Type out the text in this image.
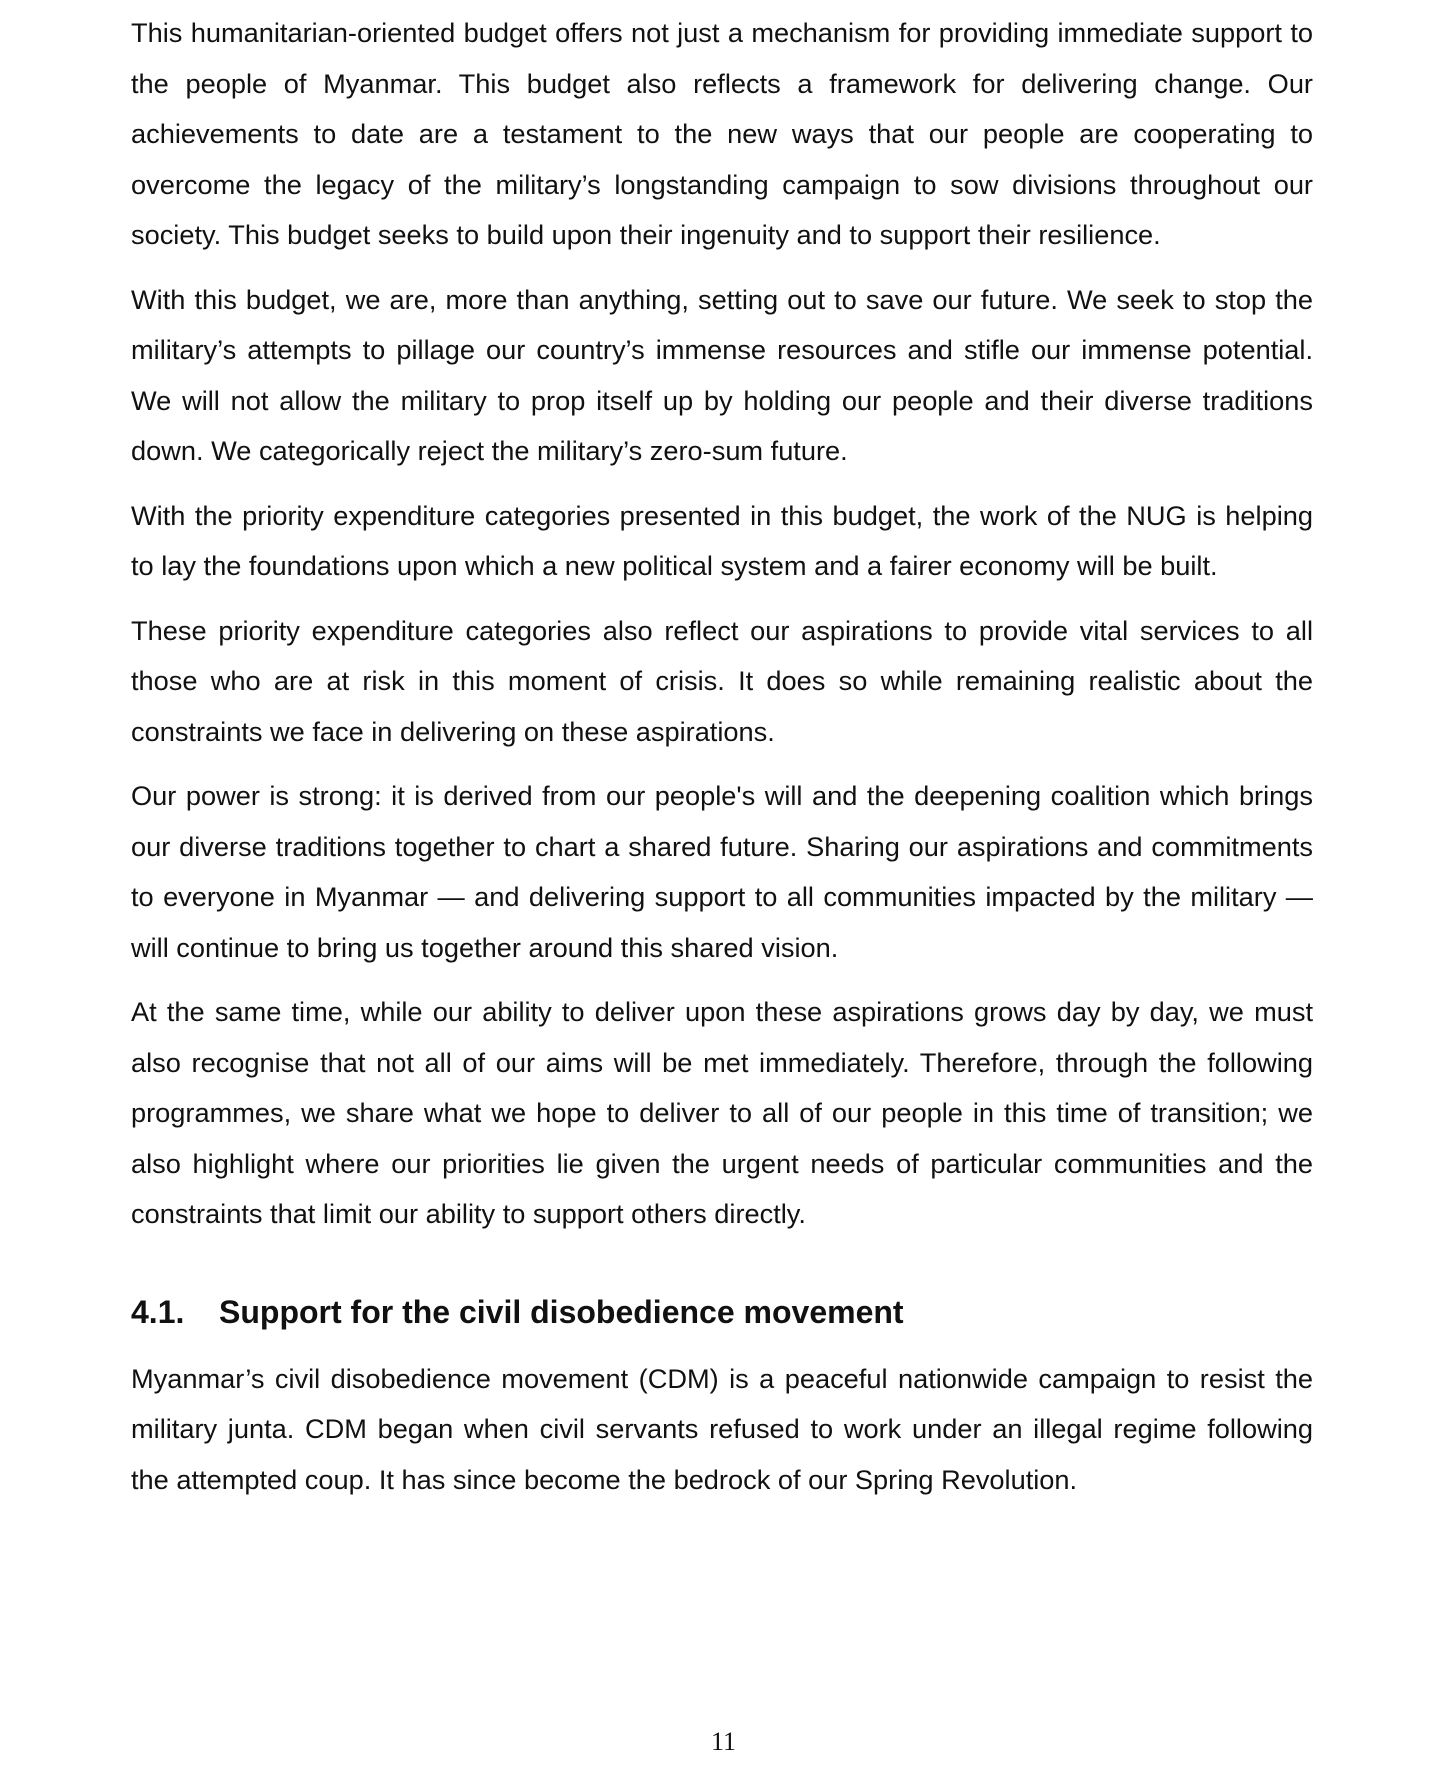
This humanitarian-oriented budget offers not just a mechanism for providing immediate support to the people of Myanmar. This budget also reflects a framework for delivering change. Our achievements to date are a testament to the new ways that our people are cooperating to overcome the legacy of the military’s longstanding campaign to sow divisions throughout our society. This budget seeks to build upon their ingenuity and to support their resilience.

With this budget, we are, more than anything, setting out to save our future. We seek to stop the military’s attempts to pillage our country’s immense resources and stifle our immense potential. We will not allow the military to prop itself up by holding our people and their diverse traditions down. We categorically reject the military’s zero-sum future.

With the priority expenditure categories presented in this budget, the work of the NUG is helping to lay the foundations upon which a new political system and a fairer economy will be built.

These priority expenditure categories also reflect our aspirations to provide vital services to all those who are at risk in this moment of crisis. It does so while remaining realistic about the constraints we face in delivering on these aspirations.

Our power is strong: it is derived from our people's will and the deepening coalition which brings our diverse traditions together to chart a shared future. Sharing our aspirations and commitments to everyone in Myanmar — and delivering support to all communities impacted by the military — will continue to bring us together around this shared vision.

At the same time, while our ability to deliver upon these aspirations grows day by day, we must also recognise that not all of our aims will be met immediately. Therefore, through the following programmes, we share what we hope to deliver to all of our people in this time of transition; we also highlight where our priorities lie given the urgent needs of particular communities and the constraints that limit our ability to support others directly.

4.1.	Support for the civil disobedience movement

Myanmar’s civil disobedience movement (CDM) is a peaceful nationwide campaign to resist the military junta. CDM began when civil servants refused to work under an illegal regime following the attempted coup. It has since become the bedrock of our Spring Revolution.

11
